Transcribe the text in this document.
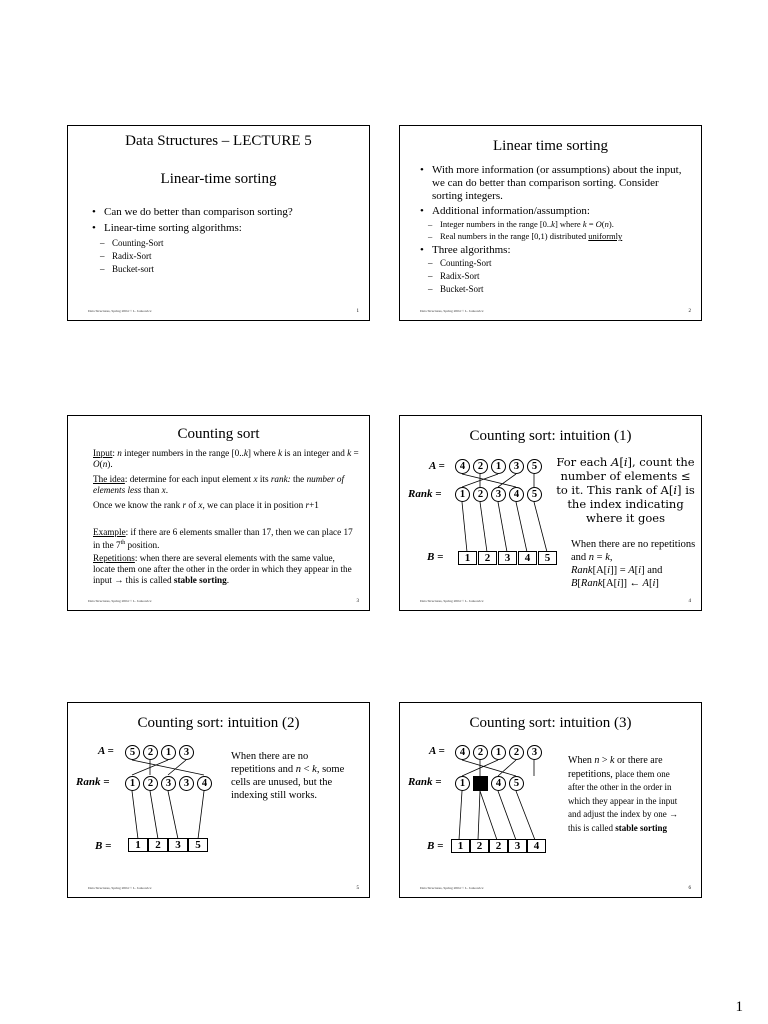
Data Structures – LECTURE 5
Linear-time sorting
• Can we do better than comparison sorting?
• Linear-time sorting algorithms:
– Counting-Sort
– Radix-Sort
– Bucket-sort
Data Structures, Spring 2004 © L. Joskowicz	1
Linear time sorting
• With more information (or assumptions) about the input, we can do better than comparison sorting. Consider sorting integers.
• Additional information/assumption:
– Integer numbers in the range [0..k] where k = O(n).
– Real numbers in the range [0,1) distributed uniformly
• Three algorithms:
– Counting-Sort
– Radix-Sort
– Bucket-Sort
Data Structures, Spring 2004 © L. Joskowicz	2
Counting sort
Input: n integer numbers in the range [0..k] where k is an integer and k = O(n).
The idea: determine for each input element x its rank: the number of elements less than x.
Once we know the rank r of x, we can place it in position r+1
Example: if there are 6 elements smaller than 17, then we can place 17 in the 7th position.
Repetitions: when there are several elements with the same value, locate them one after the other in the order in which they appear in the input → this is called stable sorting.
Data Structures, Spring 2004 © L. Joskowicz	3
Counting sort: intuition (1)
A =
Rank =
B =
4	2	1	3	5
1	2	3	4	5
1	2	3	4	5
For each A[i], count the number of elements ≤ to it. This rank of A[i] is the index indicating where it goes
When there are no repetitions and n = k,
Rank[A[i]] = A[i] and
B[Rank[A[i]] ← A[i]
Data Structures, Spring 2004 © L. Joskowicz	4
Counting sort: intuition (2)
A =
Rank =
B =
5	2	1	3
1	2	3	3	4
1	2	3	5
When there are no repetitions and n < k, some cells are unused, but the indexing still works.
Data Structures, Spring 2004 © L. Joskowicz	5
Counting sort: intuition (3)
A =
Rank =
B =
4	2	1	2	3
1	4	5
1	2	2	3	4
When n > k or there are repetitions, place them one after the other in the order in which they appear in the input and adjust the index by one → this is called stable sorting
Data Structures, Spring 2004 © L. Joskowicz	6
1
